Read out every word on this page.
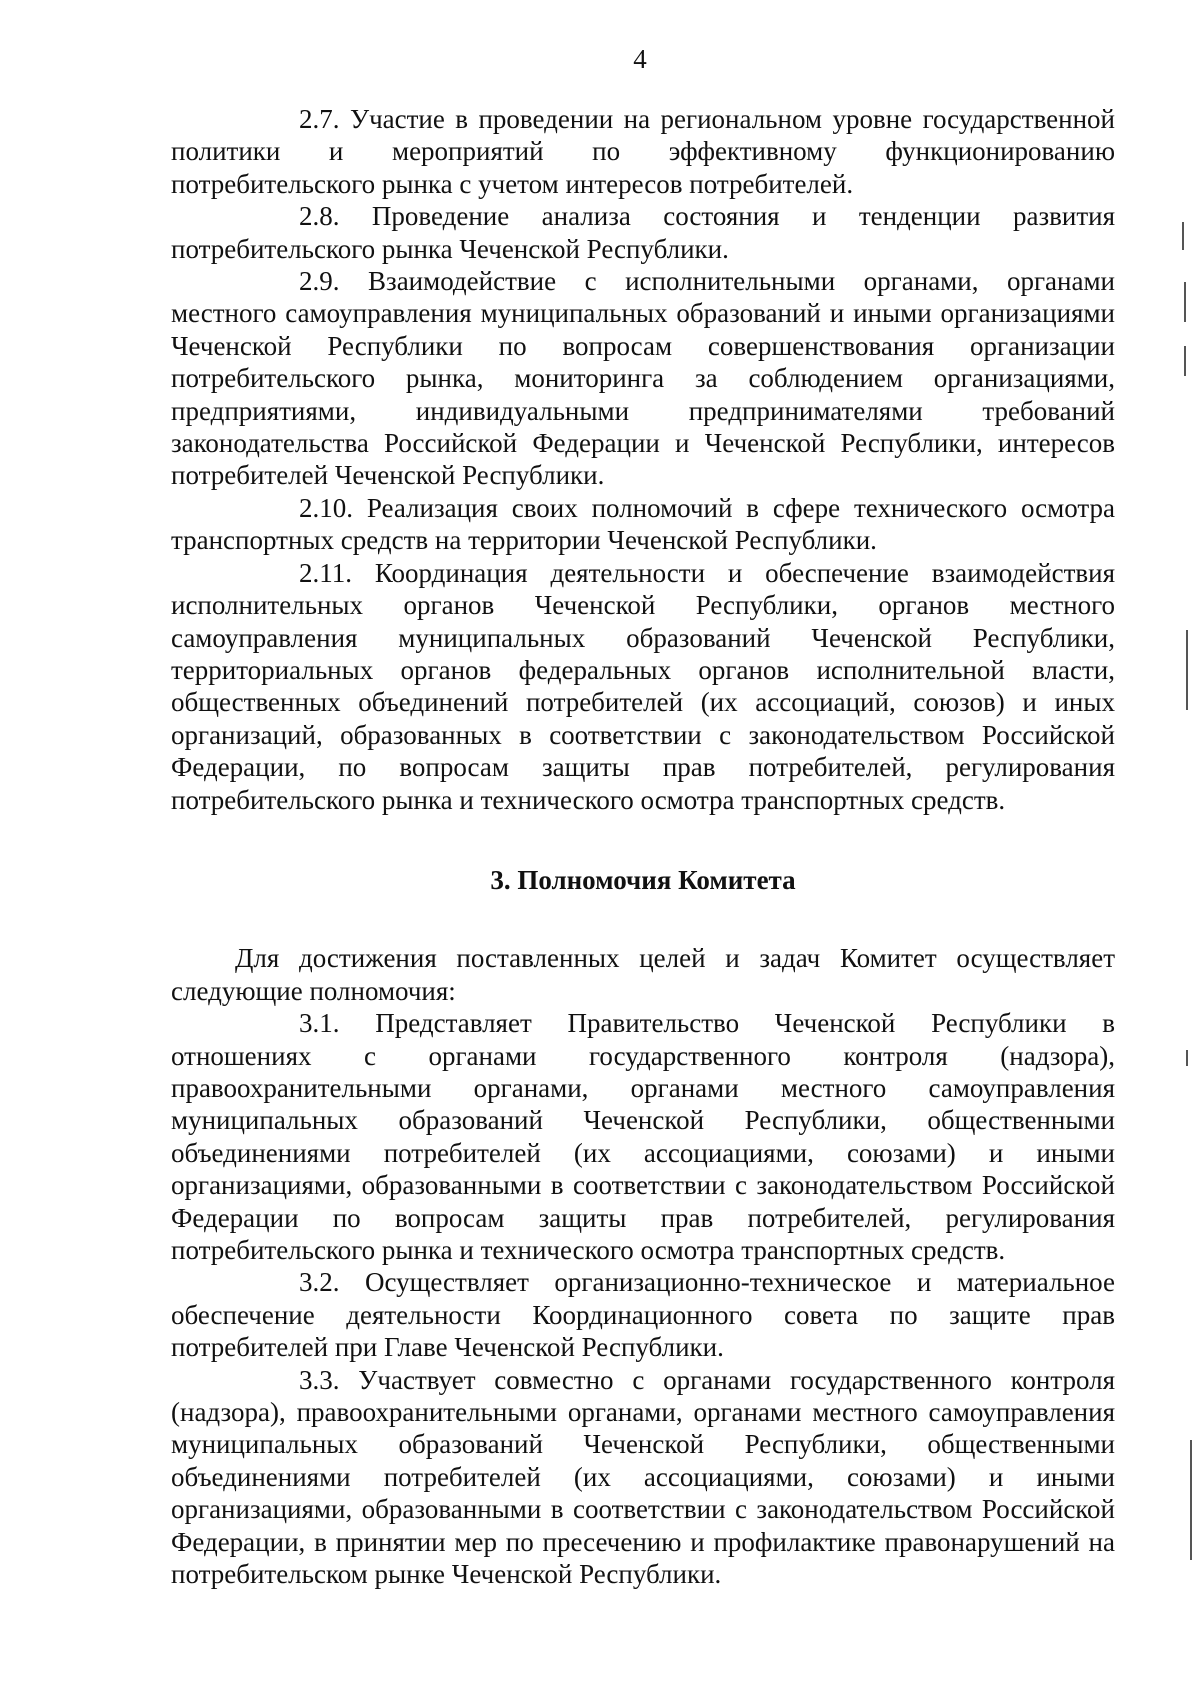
4

2.7. Участие в проведении на региональном уровне государственной политики и мероприятий по эффективному функционированию потребительского рынка с учетом интересов потребителей.

2.8. Проведение анализа состояния и тенденции развития потребительского рынка Чеченской Республики.

2.9. Взаимодействие с исполнительными органами, органами местного самоуправления муниципальных образований и иными организациями Чеченской Республики по вопросам совершенствования организации потребительского рынка, мониторинга за соблюдением организациями, предприятиями, индивидуальными предпринимателями требований законодательства Российской Федерации и Чеченской Республики, интересов потребителей Чеченской Республики.

2.10. Реализация своих полномочий в сфере технического осмотра транспортных средств на территории Чеченской Республики.

2.11. Координация деятельности и обеспечение взаимодействия исполнительных органов Чеченской Республики, органов местного самоуправления муниципальных образований Чеченской Республики, территориальных органов федеральных органов исполнительной власти, общественных объединений потребителей (их ассоциаций, союзов) и иных организаций, образованных в соответствии с законодательством Российской Федерации, по вопросам защиты прав потребителей, регулирования потребительского рынка и технического осмотра транспортных средств.

3. Полномочия Комитета

Для достижения поставленных целей и задач Комитет осуществляет следующие полномочия:

3.1. Представляет Правительство Чеченской Республики в отношениях с органами государственного контроля (надзора), правоохранительными органами, органами местного самоуправления муниципальных образований Чеченской Республики, общественными объединениями потребителей (их ассоциациями, союзами) и иными организациями, образованными в соответствии с законодательством Российской Федерации по вопросам защиты прав потребителей, регулирования потребительского рынка и технического осмотра транспортных средств.

3.2. Осуществляет организационно-техническое и материальное обеспечение деятельности Координационного совета по защите прав потребителей при Главе Чеченской Республики.

3.3. Участвует совместно с органами государственного контроля (надзора), правоохранительными органами, органами местного самоуправления муниципальных образований Чеченской Республики, общественными объединениями потребителей (их ассоциациями, союзами) и иными организациями, образованными в соответствии с законодательством Российской Федерации, в принятии мер по пресечению и профилактике правонарушений на потребительском рынке Чеченской Республики.
